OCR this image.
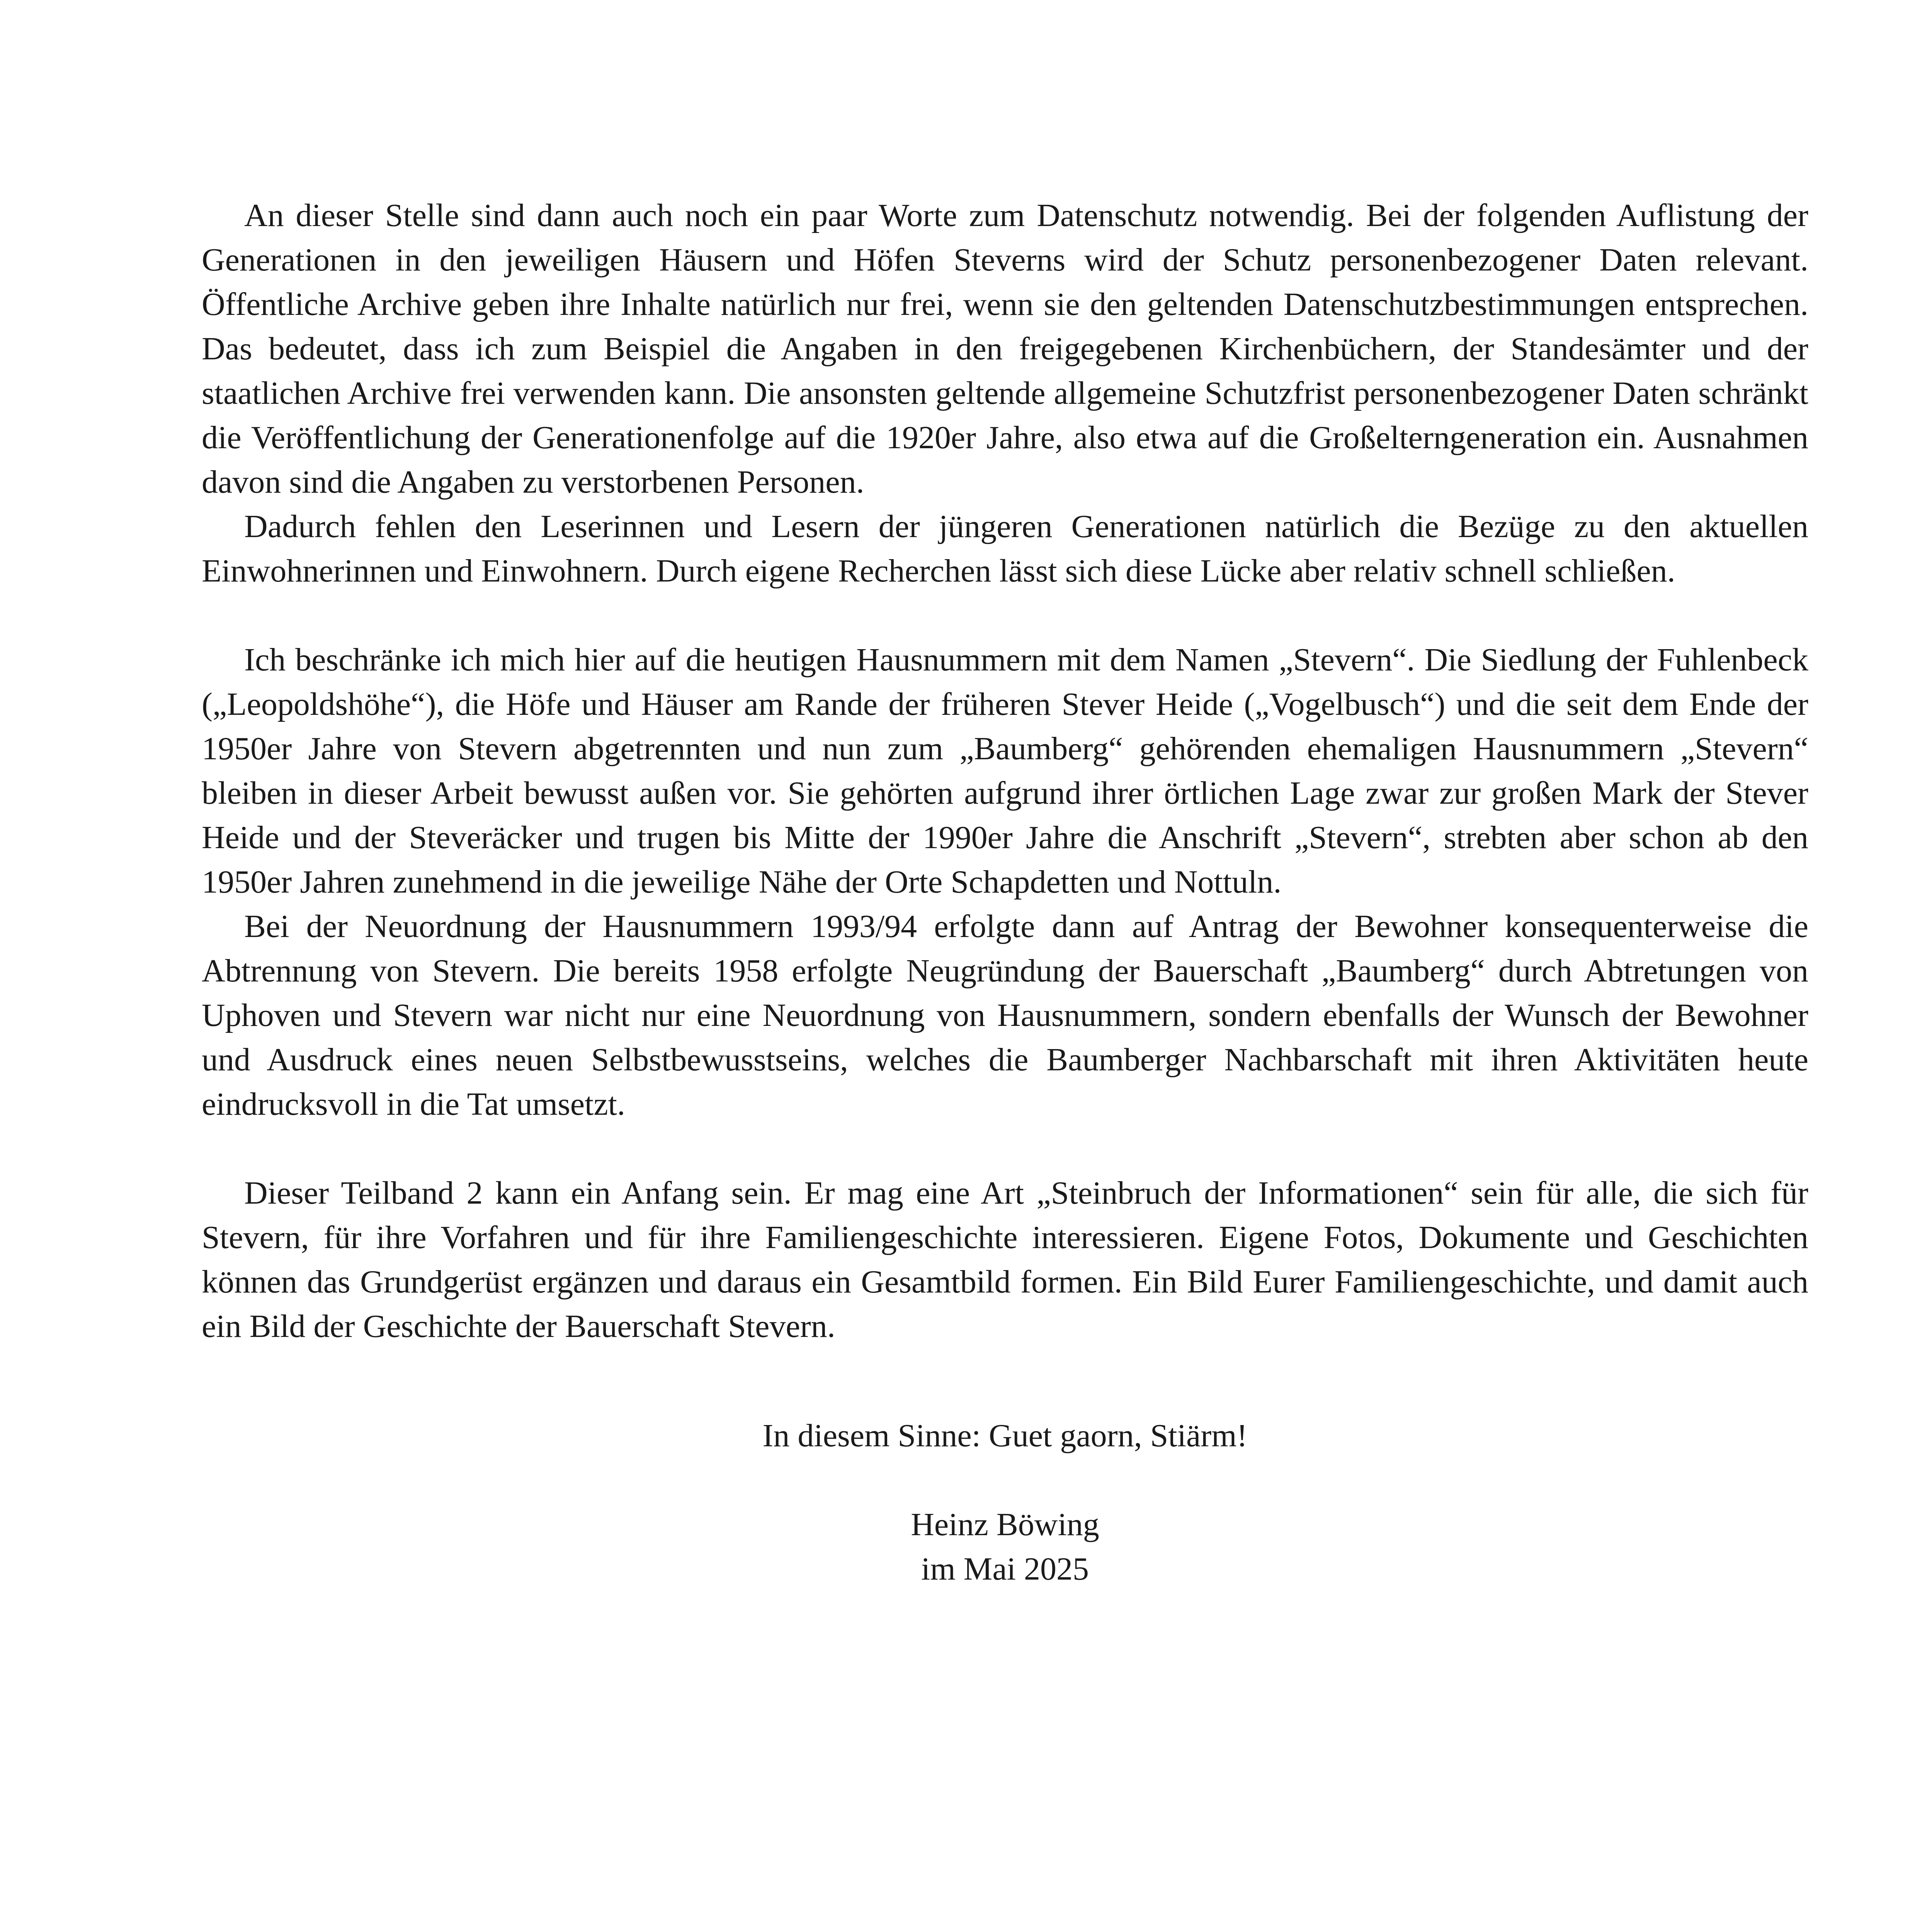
An dieser Stelle sind dann auch noch ein paar Worte zum Datenschutz notwendig. Bei der folgenden Auflistung der Generationen in den jeweiligen Häusern und Höfen Steverns wird der Schutz personenbezogener Daten relevant. Öffentliche Archive geben ihre Inhalte natürlich nur frei, wenn sie den geltenden Datenschutzbestimmungen entsprechen. Das bedeutet, dass ich zum Beispiel die Angaben in den freigegebenen Kirchenbüchern, der Standesämter und der staatlichen Archive frei verwenden kann. Die ansonsten geltende allgemeine Schutzfrist personenbezogener Daten schränkt die Veröffentlichung der Generationenfolge auf die 1920er Jahre, also etwa auf die Großelterngeneration ein. Ausnahmen davon sind die Angaben zu verstorbenen Personen.

Dadurch fehlen den Leserinnen und Lesern der jüngeren Generationen natürlich die Bezüge zu den aktuellen Einwohnerinnen und Einwohnern. Durch eigene Recherchen lässt sich diese Lücke aber relativ schnell schließen.

Ich beschränke ich mich hier auf die heutigen Hausnummern mit dem Namen „Stevern“. Die Siedlung der Fuhlenbeck („Leopoldshöhe“), die Höfe und Häuser am Rande der früheren Stever Heide („Vogelbusch“) und die seit dem Ende der 1950er Jahre von Stevern abgetrennten und nun zum „Baumberg“ gehörenden ehemaligen Hausnummern „Stevern“ bleiben in dieser Arbeit bewusst außen vor. Sie gehörten aufgrund ihrer örtlichen Lage zwar zur großen Mark der Stever Heide und der Steveräcker und trugen bis Mitte der 1990er Jahre die Anschrift „Stevern“, strebten aber schon ab den 1950er Jahren zunehmend in die jeweilige Nähe der Orte Schapdetten und Nottuln.

Bei der Neuordnung der Hausnummern 1993/94 erfolgte dann auf Antrag der Bewohner konsequenterweise die Abtrennung von Stevern. Die bereits 1958 erfolgte Neugründung der Bauerschaft „Baumberg“ durch Abtretungen von Uphoven und Stevern war nicht nur eine Neuordnung von Hausnummern, sondern ebenfalls der Wunsch der Bewohner und Ausdruck eines neuen Selbstbewusstseins, welches die Baumberger Nachbarschaft mit ihren Aktivitäten heute eindrucksvoll in die Tat umsetzt.

Dieser Teilband 2 kann ein Anfang sein. Er mag eine Art „Steinbruch der Informationen“ sein für alle, die sich für Stevern, für ihre Vorfahren und für ihre Familiengeschichte interessieren. Eigene Fotos, Dokumente und Geschichten können das Grundgerüst ergänzen und daraus ein Gesamtbild formen. Ein Bild Eurer Familiengeschichte, und damit auch ein Bild der Geschichte der Bauerschaft Stevern.

In diesem Sinne: Guet gaorn, Stiärm!
Heinz Böwing
im Mai 2025
